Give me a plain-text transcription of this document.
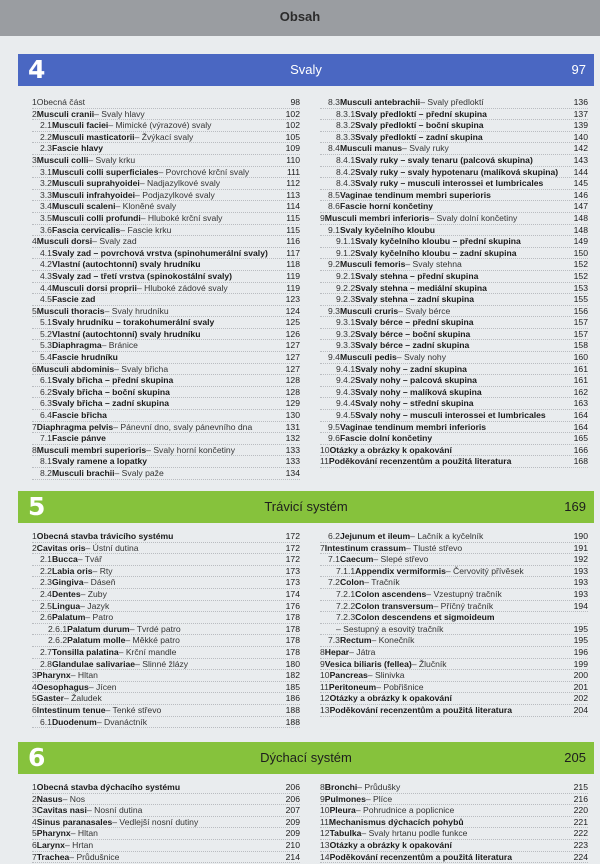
Obsah
4	Svaly	97
1 Obecná část	98
2 Musculi cranii – Svaly hlavy	102
2.1 Musculi faciei – Mimické (výrazové) svaly	102
2.2 Musculi masticatorii – Žvýkací svaly	105
2.3 Fascie hlavy	109
3 Musculi colli – Svaly krku	110
3.1 Musculi colli superficiales – Povrchové krční svaly	111
3.2 Musculi suprahyoidei – Nadjazylkové svaly	112
3.3 Musculi infrahyoidei – Podjazylkové svaly	113
3.4 Musculi scaleni – Kloněné svaly	114
3.5 Musculi colli profundi – Hluboké krční svaly	115
3.6 Fascia cervicalis – Fascie krku	115
4 Musculi dorsi – Svaly zad	116
4.1 Svaly zad – povrchová vrstva (spinohumerální svaly) 117
4.2 Vlastní (autochtonní) svaly hrudníku	118
4.3 Svaly zad – třetí vrstva (spinokostální svaly)	119
4.4 Musculi dorsi proprii – Hluboké zádové svaly	119
4.5 Fascie zad	123
5 Musculi thoracis – Svaly hrudníku	124
5.1 Svaly hrudníku – torakohumerální svaly	125
5.2 Vlastní (autochtonní) svaly hrudníku	126
5.3 Diaphragma – Bránice	127
5.4 Fascie hrudníku	127
6 Musculi abdominis – Svaly břicha	127
6.1 Svaly břicha – přední skupina	128
6.2 Svaly břicha – boční skupina	128
6.3 Svaly břicha – zadní skupina	129
6.4 Fascie břicha	130
7 Diaphragma pelvis – Pánevní dno, svaly pánevního dna	131
7.1 Fascie pánve	132
8 Musculi membri superioris – Svaly horní končetiny	133
8.1 Svaly ramene a lopatky	133
8.2 Musculi brachii – Svaly paže	134
8.3 Musculi antebrachii – Svaly předloktí	136
8.3.1 Svaly předloktí – přední skupina	137
8.3.2 Svaly předloktí – boční skupina	139
8.3.3 Svaly předloktí – zadní skupina	140
8.4 Musculi manus – Svaly ruky	142
8.4.1 Svaly ruky – svaly tenaru (palcová skupina)	143
8.4.2 Svaly ruky – svaly hypotenaru (malíková skupina) 144
8.4.3 Svaly ruky – musculi interossei et lumbricales	145
8.5 Vaginae tendinum membri superioris	146
8.6 Fascie horní končetiny	147
9 Musculi membri inferioris – Svaly dolní končetiny	148
9.1 Svaly kyčelního kloubu	148
9.1.1 Svaly kyčelního kloubu – přední skupina	149
9.1.2 Svaly kyčelního kloubu – zadní skupina	150
9.2 Musculi femoris – Svaly stehna	152
9.2.1 Svaly stehna – přední skupina	152
9.2.2 Svaly stehna – mediální skupina	153
9.2.3 Svaly stehna – zadní skupina	155
9.3 Musculi cruris – Svaly bérce	156
9.3.1 Svaly bérce – přední skupina	157
9.3.2 Svaly bérce – boční skupina	157
9.3.3 Svaly bérce – zadní skupina	158
9.4 Musculi pedis – Svaly nohy	160
9.4.1 Svaly nohy – zadní skupina	161
9.4.2 Svaly nohy – palcová skupina	161
9.4.3 Svaly nohy – malíková skupina	162
9.4.4 Svaly nohy – střední skupina	163
9.4.5 Svaly nohy – musculi interossei et lumbricales	164
9.5 Vaginae tendinum membri inferioris	164
9.6 Fascie dolní končetiny	165
10 Otázky a obrázky k opakování	166
11 Poděkování recenzentům a použitá literatura	168
5	Trávicí systém	169
1 Obecná stavba trávicího systému	172
2 Cavitas oris – Ústní dutina	172
2.1 Bucca – Tvář	172
2.2 Labia oris – Rty	173
2.3 Gingiva – Dáseň	173
2.4 Dentes – Zuby	174
2.5 Lingua – Jazyk	176
2.6 Palatum – Patro	178
2.6.1 Palatum durum – Tvrdé patro	178
2.6.2 Palatum molle – Měkké patro	178
2.7 Tonsilla palatina – Krční mandle	178
2.8 Glandulae salivariae – Slinné žlázy	180
3 Pharynx – Hltan	182
4 Oesophagus – Jícen	185
5 Gaster – Žaludek	186
6 Intestinum tenue – Tenké střevo	188
6.1 Duodenum – Dvanáctník	188
6.2 Jejunum et ileum – Lačník a kyčelník	190
7 Intestinum crassum – Tlusté střevo	191
7.1 Caecum – Slepé střevo	192
7.1.1 Appendix vermiformis – Červovitý přívěsek	193
7.2 Colon – Tračník	193
7.2.1 Colon ascendens – Vzestupný tračník	193
7.2.2 Colon transversum – Příčný tračník	194
7.2.3 Colon descendens et sigmoideum
– Sestupný a esovitý tračník	195
7.3 Rectum – Konečník	195
8 Hepar – Játra	196
9 Vesica biliaris (fellea) – Žlučník	199
10 Pancreas – Slinivka	200
11 Peritoneum – Pobřišnice	201
12 Otázky a obrázky k opakování	202
13 Poděkování recenzentům a použitá literatura	204
6	Dýchací systém	205
1 Obecná stavba dýchacího systému	206
2 Nasus – Nos	206
3 Cavitas nasi – Nosní dutina	207
4 Sinus paranasales – Vedlejší nosní dutiny	209
5 Pharynx – Hltan	209
6 Larynx – Hrtan	210
7 Trachea – Průdušnice	214
8 Bronchi – Průdušky	215
9 Pulmones – Plíce	216
10 Pleura – Pohrudnice a poplicnice	220
11 Mechanismus dýchacích pohybů	221
12 Tabulka – Svaly hrtanu podle funkce	222
13 Otázky a obrázky k opakování	223
14 Poděkování recenzentům a použitá literatura	224
